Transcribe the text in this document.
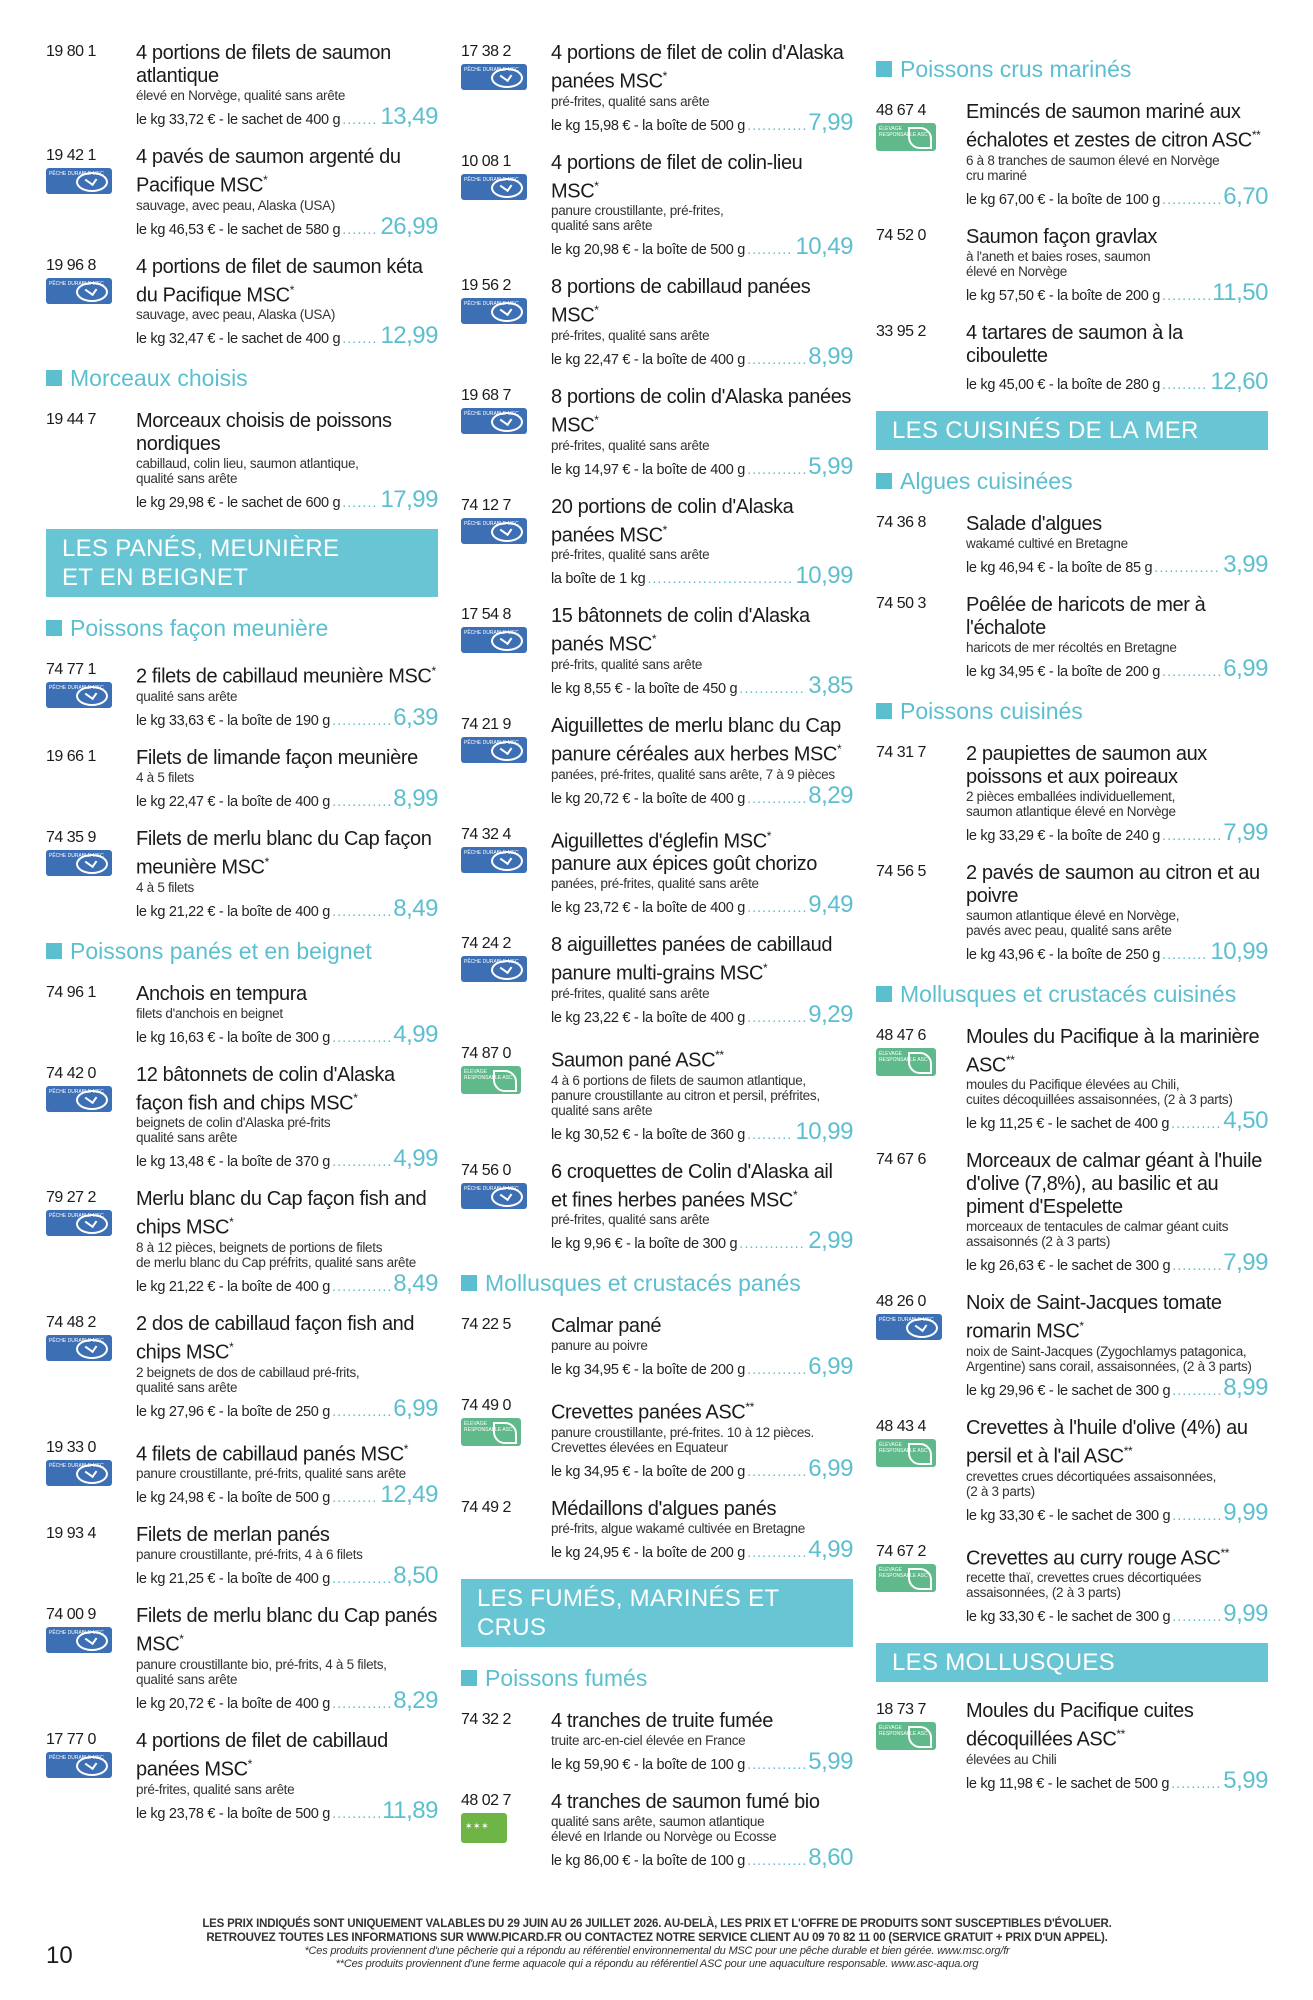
19 80 1	4 portions de filets de saumon atlantique
élevé en Norvège, qualité sans arête
le kg 33,72 € - le sachet de 400 g ..... 13,49
19 42 1
PÊCHE DURABLE MSC
4 pavés de saumon argenté du Pacifique MSC*
sauvage, avec peau, Alaska (USA)
le kg 46,53 € - le sachet de 580 g ..... 26,99
19 96 8
PÊCHE DURABLE MSC
4 portions de filet de saumon kéta du Pacifique MSC*
sauvage, avec peau, Alaska (USA)
le kg 32,47 € - le sachet de 400 g ..... 12,99
Morceaux choisis
19 44 7	Morceaux choisis de poissons nordiques
cabillaud, colin lieu, saumon atlantique,
qualité sans arête
le kg 29,98 € - le sachet de 600 g ..... 17,99
LES PANÉS, MEUNIÈRE
ET EN BEIGNET
Poissons façon meunière
74 77 1
PÊCHE DURABLE MSC
2 filets de cabillaud meunière MSC*
qualité sans arête
le kg 33,63 € - la boîte de 190 g .....	6,39
19 66 1	Filets de limande façon meunière
4 à 5 filets
le kg 22,47 € - la boîte de 400 g .....	8,99
74 35 9
PÊCHE DURABLE MSC
Filets de merlu blanc du Cap façon meunière MSC*
4 à 5 filets
le kg 21,22 € - la boîte de 400 g .....	8,49
Poissons panés et en beignet
74 96 1	Anchois en tempura
filets d'anchois en beignet
le kg 16,63 € - la boîte de 300 g .....	4,99
74 42 0
PÊCHE DURABLE MSC
12 bâtonnets de colin d'Alaska façon fish and chips MSC*
beignets de colin d'Alaska pré-frits
qualité sans arête
le kg 13,48 € - la boîte de 370 g .....	4,99
79 27 2
PÊCHE DURABLE MSC
Merlu blanc du Cap façon fish and chips MSC*
8 à 12 pièces, beignets de portions de filets
de merlu blanc du Cap préfrits, qualité sans arête
le kg 21,22 € - la boîte de 400 g .....	8,49
74 48 2
PÊCHE DURABLE MSC
2 dos de cabillaud façon fish and chips MSC*
2 beignets de dos de cabillaud pré-frits,
qualité sans arête
le kg 27,96 € - la boîte de 250 g .....	6,99
19 33 0
PÊCHE DURABLE MSC
4 filets de cabillaud panés MSC*
panure croustillante, pré-frits, qualité sans arête
le kg 24,98 € - la boîte de 500 g ..... 12,49
19 93 4	Filets de merlan panés
panure croustillante, pré-frits, 4 à 6 filets
le kg 21,25 € - la boîte de 400 g .....	8,50
74 00 9
PÊCHE DURABLE MSC
Filets de merlu blanc du Cap panés MSC*
panure croustillante bio, pré-frits, 4 à 5 filets,
qualité sans arête
le kg 20,72 € - la boîte de 400 g .....	8,29
17 77 0
PÊCHE DURABLE MSC
4 portions de filet de cabillaud panées MSC*
pré-frites, qualité sans arête
le kg 23,78 € - la boîte de 500 g ..... 11,89
17 38 2
PÊCHE DURABLE MSC
4 portions de filet de colin d'Alaska panées MSC*
pré-frites, qualité sans arête
le kg 15,98 € - la boîte de 500 g .....	7,99
10 08 1
PÊCHE DURABLE MSC
4 portions de filet de colin-lieu MSC*
panure croustillante, pré-frites,
qualité sans arête
le kg 20,98 € - la boîte de 500 g ..... 10,49
19 56 2
PÊCHE DURABLE MSC
8 portions de cabillaud panées MSC*
pré-frites, qualité sans arête
le kg 22,47 € - la boîte de 400 g .....	8,99
19 68 7
PÊCHE DURABLE MSC
8 portions de colin d'Alaska panées MSC*
pré-frites, qualité sans arête
le kg 14,97 € - la boîte de 400 g .....	5,99
74 12 7
PÊCHE DURABLE MSC
20 portions de colin d'Alaska panées MSC*
pré-frites, qualité sans arête
la boîte de 1 kg .....	10,99
17 54 8
PÊCHE DURABLE MSC
15 bâtonnets de colin d'Alaska panés MSC*
pré-frits, qualité sans arête
le kg 8,55 € - la boîte de 450 g .....	3,85
74 21 9
PÊCHE DURABLE MSC
Aiguillettes de merlu blanc du Cap panure céréales aux herbes MSC*
panées, pré-frites, qualité sans arête, 7 à 9 pièces
le kg 20,72 € - la boîte de 400 g .....	8,29
74 32 4
PÊCHE DURABLE MSC
Aiguillettes d'églefin MSC*
panure aux épices goût chorizo
panées, pré-frites, qualité sans arête
le kg 23,72 € - la boîte de 400 g .....	9,49
74 24 2
PÊCHE DURABLE MSC
8 aiguillettes panées de cabillaud panure multi-grains MSC*
pré-frites, qualité sans arête
le kg 23,22 € - la boîte de 400 g .....	9,29
74 87 0
ÉLEVAGE RESPONSABLE ASC
Saumon pané ASC**
4 à 6 portions de filets de saumon atlantique,
panure croustillante au citron et persil, préfrites,
qualité sans arête
le kg 30,52 € - la boîte de 360 g ..... 10,99
74 56 0
PÊCHE DURABLE MSC
6 croquettes de Colin d'Alaska ail et fines herbes panées MSC*
pré-frites, qualité sans arête
le kg 9,96 € - la boîte de 300 g .....	2,99
Mollusques et crustacés panés
74 22 5	Calmar pané
panure au poivre
le kg 34,95 € - la boîte de 200 g .....	6,99
74 49 0
ÉLEVAGE RESPONSABLE ASC
Crevettes panées ASC**
panure croustillante, pré-frites. 10 à 12 pièces.
Crevettes élevées en Equateur
le kg 34,95 € - la boîte de 200 g .....	6,99
74 49 2	Médaillons d'algues panés
pré-frits, algue wakamé cultivée en Bretagne
le kg 24,95 € - la boîte de 200 g .....	4,99
LES FUMÉS, MARINÉS ET CRUS
Poissons fumés
74 32 2	4 tranches de truite fumée
truite arc-en-ciel élevée en France
le kg 59,90 € - la boîte de 100 g .....	5,99
48 02 7
✶ ✶ ✶	4 tranches de saumon fumé bio
qualité sans arête, saumon atlantique
élevé en Irlande ou Norvège ou Ecosse
le kg 86,00 € - la boîte de 100 g .....	8,60
Poissons crus marinés
48 67 4
ÉLEVAGE RESPONSABLE ASC
Emincés de saumon mariné aux échalotes et zestes de citron ASC**
6 à 8 tranches de saumon élevé en Norvège
cru mariné
le kg 67,00 € - la boîte de 100 g .....	6,70
74 52 0	Saumon façon gravlax
à l'aneth et baies roses, saumon
élevé en Norvège
le kg 57,50 € - la boîte de 200 g ..... 11,50
33 95 2	4 tartares de saumon à la ciboulette
le kg 45,00 € - la boîte de 280 g ..... 12,60
LES CUISINÉS DE LA MER
Algues cuisinées
74 36 8	Salade d'algues
wakamé cultivé en Bretagne
le kg 46,94 € - la boîte de 85 g .....	3,99
74 50 3	Poêlée de haricots de mer à l'échalote
haricots de mer récoltés en Bretagne
le kg 34,95 € - la boîte de 200 g .....	6,99
Poissons cuisinés
74 31 7	2 paupiettes de saumon aux poissons et aux poireaux
2 pièces emballées individuellement,
saumon atlantique élevé en Norvège
le kg 33,29 € - la boîte de 240 g .....	7,99
74 56 5	2 pavés de saumon au citron et au poivre
saumon atlantique élevé en Norvège,
pavés avec peau, qualité sans arête
le kg 43,96 € - la boîte de 250 g ..... 10,99
Mollusques et crustacés cuisinés
48 47 6
ÉLEVAGE RESPONSABLE ASC
Moules du Pacifique à la marinière ASC**
moules du Pacifique élevées au Chili,
cuites décoquillées assaisonnées, (2 à 3 parts)
le kg 11,25 € - le sachet de 400 g ..... 4,50
74 67 6	Morceaux de calmar géant à l'huile d'olive (7,8%), au basilic et au piment d'Espelette
morceaux de tentacules de calmar géant cuits
assaisonnés (2 à 3 parts)
le kg 26,63 € - le sachet de 300 g ..... 7,99
48 26 0
PÊCHE DURABLE MSC
Noix de Saint-Jacques tomate romarin MSC*
noix de Saint-Jacques (Zygochlamys patagonica,
Argentine) sans corail, assaisonnées, (2 à 3 parts)
le kg 29,96 € - le sachet de 300 g ..... 8,99
48 43 4
ÉLEVAGE RESPONSABLE ASC
Crevettes à l'huile d'olive (4%) au persil et à l'ail ASC**
crevettes crues décortiquées assaisonnées,
(2 à 3 parts)
le kg 33,30 € - le sachet de 300 g ..... 9,99
74 67 2
ÉLEVAGE RESPONSABLE ASC
Crevettes au curry rouge ASC**
recette thaï, crevettes crues décortiquées
assaisonnées, (2 à 3 parts)
le kg 33,30 € - le sachet de 300 g ..... 9,99
LES MOLLUSQUES
18 73 7
ÉLEVAGE RESPONSABLE ASC
Moules du Pacifique cuites décoquillées ASC**
élevées au Chili
le kg 11,98 € - le sachet de 500 g ..... 5,99
LES PRIX INDIQUÉS SONT UNIQUEMENT VALABLES DU 29 JUIN AU 26 JUILLET 2026. AU-DELÀ, LES PRIX ET L'OFFRE DE PRODUITS SONT SUSCEPTIBLES D'ÉVOLUER.
RETROUVEZ TOUTES LES INFORMATIONS SUR WWW.PICARD.FR OU CONTACTEZ NOTRE SERVICE CLIENT AU 09 70 82 11 00 (SERVICE GRATUIT + PRIX D'UN APPEL).
*Ces produits proviennent d'une pêcherie qui a répondu au référentiel environnemental du MSC pour une pêche durable et bien gérée. www.msc.org/fr
**Ces produits proviennent d'une ferme aquacole qui a répondu au référentiel ASC pour une aquaculture responsable. www.asc-aqua.org
10
